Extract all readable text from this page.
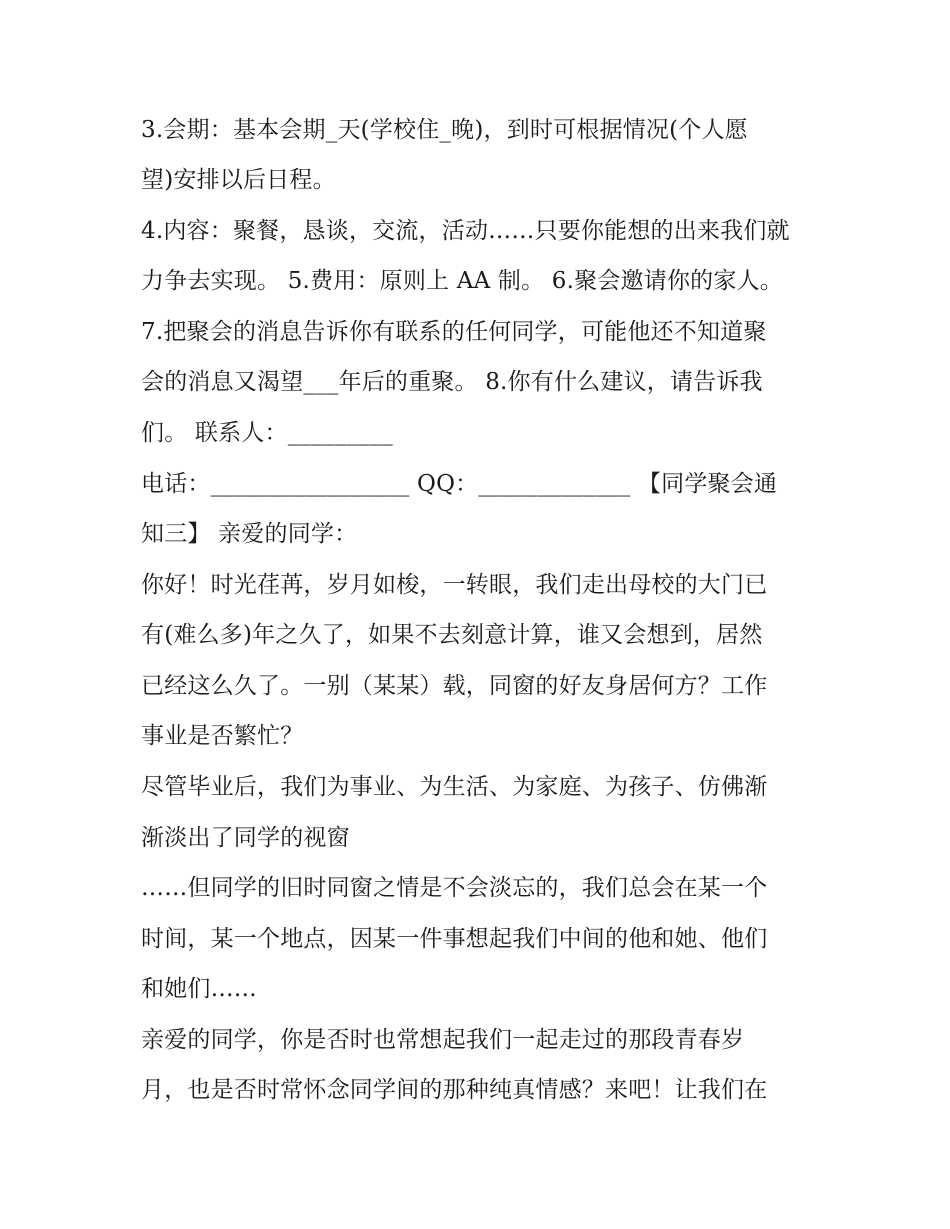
3.会期：基本会期_天(学校住_晚)，到时可根据情况(个人愿
望)安排以后日程。
4.内容：聚餐，恳谈，交流，活动……只要你能想的出来我们就
力争去实现。 5.费用：原则上 AA 制。 6.聚会邀请你的家人。
7.把聚会的消息告诉你有联系的任何同学，可能他还不知道聚
会的消息又渴望___年后的重聚。 8.你有什么建议，请告诉我
们。 联系人：_________
电话：_________________ QQ：_____________ 【同学聚会通
知三】 亲爱的同学：
你好！时光荏苒，岁月如梭，一转眼，我们走出母校的大门已
有(难么多)年之久了，如果不去刻意计算，谁又会想到，居然
已经这么久了。一别（某某）载，同窗的好友身居何方？工作
事业是否繁忙？
尽管毕业后，我们为事业、为生活、为家庭、为孩子、仿佛渐
渐淡出了同学的视窗
……但同学的旧时同窗之情是不会淡忘的，我们总会在某一个
时间，某一个地点，因某一件事想起我们中间的他和她、他们
和她们……
亲爱的同学，你是否时也常想起我们一起走过的那段青春岁
月，也是否时常怀念同学间的那种纯真情感？来吧！让我们在
